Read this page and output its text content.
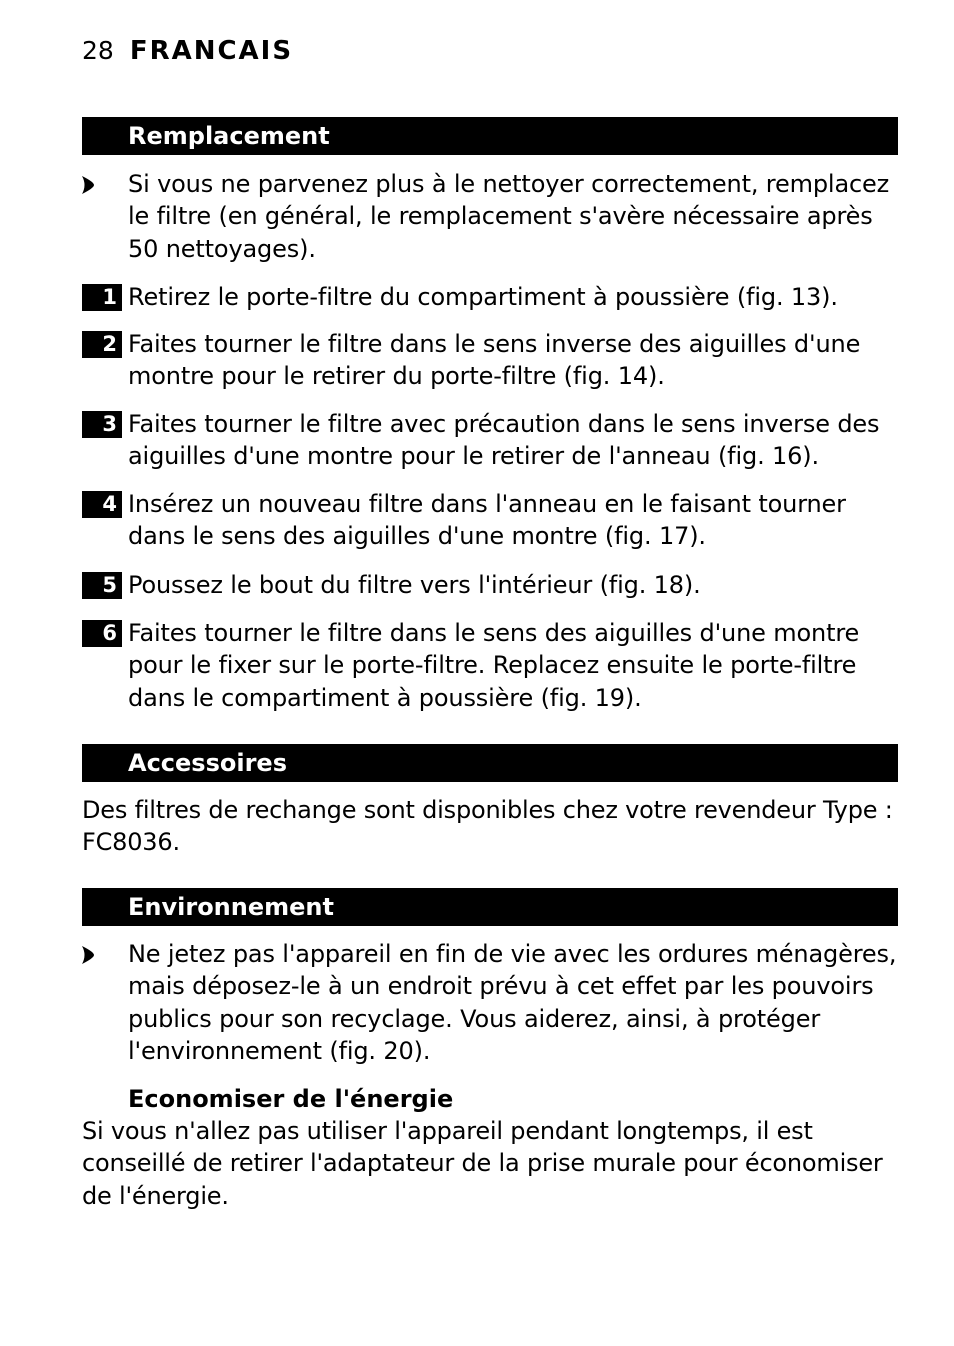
28 FRANCAIS
Remplacement
Si vous ne parvenez plus à le nettoyer correctement, remplacez le filtre (en général, le remplacement s'avère nécessaire après 50 nettoyages).
1 Retirez le porte-filtre du compartiment à poussière (fig. 13).
2 Faites tourner le filtre dans le sens inverse des aiguilles d'une montre pour le retirer du porte-filtre (fig. 14).
3 Faites tourner le filtre avec précaution dans le sens inverse des aiguilles d'une montre pour le retirer de l'anneau (fig. 16).
4 Insérez un nouveau filtre dans l'anneau en le faisant tourner dans le sens des aiguilles d'une montre (fig. 17).
5 Poussez le bout du filtre vers l'intérieur (fig. 18).
6 Faites tourner le filtre dans le sens des aiguilles d'une montre pour le fixer sur le porte-filtre. Replacez ensuite le porte-filtre dans le compartiment à poussière (fig. 19).
Accessoires
Des filtres de rechange sont disponibles chez votre revendeur Type : FC8036.
Environnement
Ne jetez pas l'appareil en fin de vie avec les ordures ménagères, mais déposez-le à un endroit prévu à cet effet par les pouvoirs publics pour son recyclage. Vous aiderez, ainsi, à protéger l'environnement (fig. 20).
Economiser de l'énergie
Si vous n'allez pas utiliser l'appareil pendant longtemps, il est conseillé de retirer l'adaptateur de la prise murale pour économiser de l'énergie.
